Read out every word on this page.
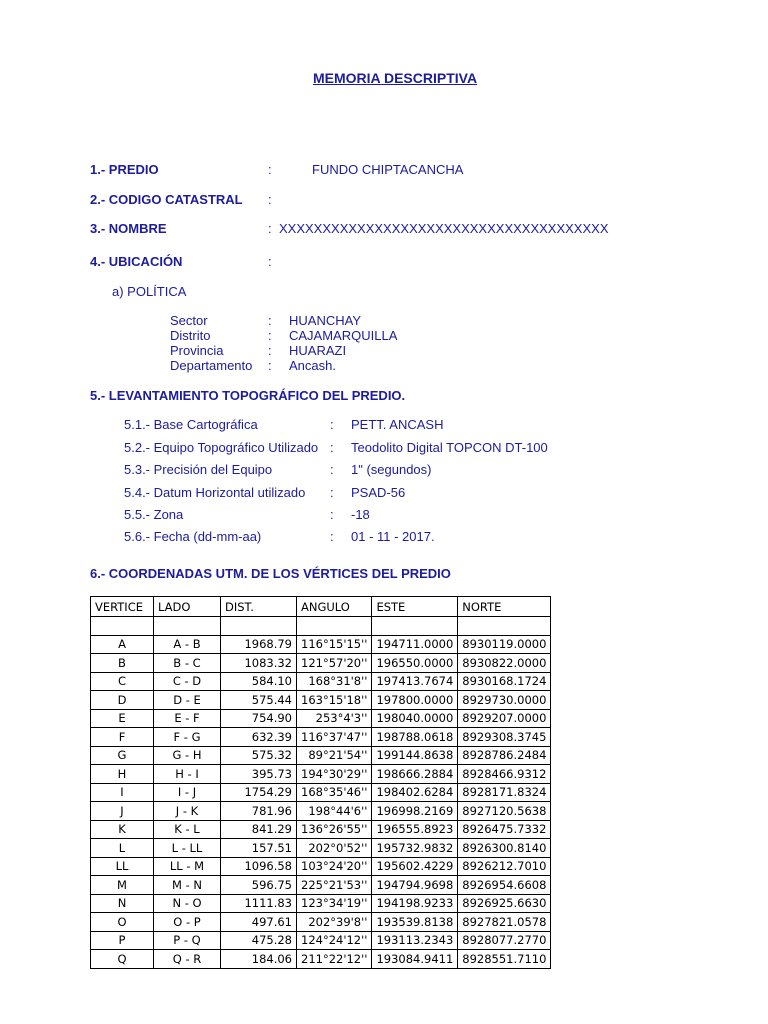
MEMORIA DESCRIPTIVA
1.- PREDIO	:	FUNDO CHIPTACANCHA
2.- CODIGO CATASTRAL :
3.- NOMBRE	: XXXXXXXXXXXXXXXXXXXXXXXXXXXXXXXXXXXXXX
4.- UBICACIÓN	:
a) POLÍTICA
Sector	: HUANCHAY
Distrito	: CAJAMARQUILLA
Provincia	: HUARAZI
Departamento : Ancash.
5.- LEVANTAMIENTO TOPOGRÁFICO DEL PREDIO.
5.1.- Base Cartográfica	: PETT. ANCASH
5.2.- Equipo Topográfico Utilizado : Teodolito Digital TOPCON DT-100
5.3.- Precisión del Equipo	: 1" (segundos)
5.4.- Datum Horizontal utilizado : PSAD-56
5.5.- Zona	: -18
5.6.- Fecha (dd-mm-aa)	: 01 - 11 - 2017.
6.- COORDENADAS UTM. DE LOS VÉRTICES DEL PREDIO
VERTICE	LADO	DIST.	ANGULO	ESTE	NORTE

A	A - B	1968.79	116°15'15''	194711.0000	8930119.0000
B	B - C	1083.32	121°57'20''	196550.0000	8930822.0000
C	C - D	584.10	168°31'8''	197413.7674	8930168.1724
D	D - E	575.44	163°15'18''	197800.0000	8929730.0000
E	E - F	754.90	253°4'3''	198040.0000	8929207.0000
F	F - G	632.39	116°37'47''	198788.0618	8929308.3745
G	G - H	575.32	89°21'54''	199144.8638	8928786.2484
H	H - I	395.73	194°30'29''	198666.2884	8928466.9312
I	I - J	1754.29	168°35'46''	198402.6284	8928171.8324
J	J - K	781.96	198°44'6''	196998.2169	8927120.5638
K	K - L	841.29	136°26'55''	196555.8923	8926475.7332
L	L - LL	157.51	202°0'52''	195732.9832	8926300.8140
LL	LL - M	1096.58	103°24'20''	195602.4229	8926212.7010
M	M - N	596.75	225°21'53''	194794.9698	8926954.6608
N	N - O	1111.83	123°34'19''	194198.9233	8926925.6630
O	O - P	497.61	202°39'8''	193539.8138	8927821.0578
P	P - Q	475.28	124°24'12''	193113.2343	8928077.2770
Q	Q - R	184.06	211°22'12''	193084.9411	8928551.7110
